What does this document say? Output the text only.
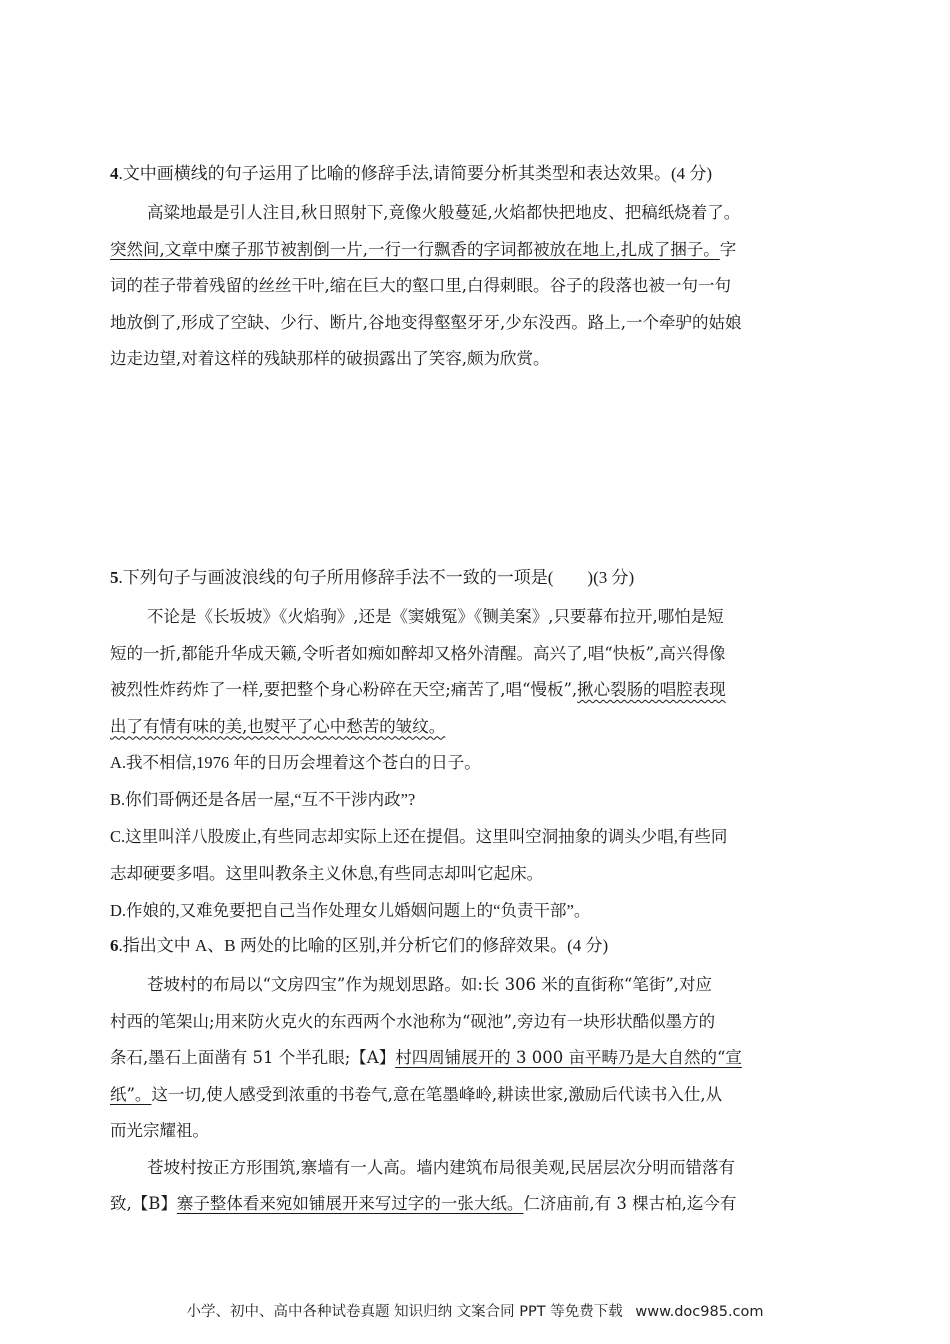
4.文中画横线的句子运用了比喻的修辞手法,请简要分析其类型和表达效果。(4 分)
高粱地最是引人注目,秋日照射下,竟像火般蔓延,火焰都快把地皮、把稿纸烧着了。
突然间,文章中糜子那节被割倒一片,一行一行飘香的字词都被放在地上,扎成了捆子。字
词的茬子带着残留的丝丝干叶,缩在巨大的壑口里,白得刺眼。谷子的段落也被一句一句
地放倒了,形成了空缺、少行、断片,谷地变得壑壑牙牙,少东没西。路上,一个牵驴的姑娘
边走边望,对着这样的残缺那样的破损露出了笑容,颇为欣赏。
5.下列句子与画波浪线的句子所用修辞手法不一致的一项是(　　)(3 分)
不论是《长坂坡》《火焰驹》,还是《窦娥冤》《铡美案》,只要幕布拉开,哪怕是短
短的一折,都能升华成天籁,令听者如痴如醉却又格外清醒。高兴了,唱“快板”,高兴得像
被烈性炸药炸了一样,要把整个身心粉碎在天空;痛苦了,唱“慢板”,揪心裂肠的唱腔表现
出了有情有味的美,也熨平了心中愁苦的皱纹。
A.我不相信,1976 年的日历会埋着这个苍白的日子。
B.你们哥俩还是各居一屋,“互不干涉内政”?
C.这里叫洋八股废止,有些同志却实际上还在提倡。这里叫空洞抽象的调头少唱,有些同
志却硬要多唱。这里叫教条主义休息,有些同志却叫它起床。
D.作娘的,又难免要把自己当作处理女儿婚姻问题上的“负责干部”。
6.指出文中 A、B 两处的比喻的区别,并分析它们的修辞效果。(4 分)
苍坡村的布局以“文房四宝”作为规划思路。如:长 306 米的直街称“笔街”,对应
村西的笔架山;用来防火克火的东西两个水池称为“砚池”,旁边有一块形状酷似墨方的
条石,墨石上面凿有 51 个半孔眼;【A】村四周铺展开的 3 000 亩平畴乃是大自然的“宣
纸”。这一切,使人感受到浓重的书卷气,意在笔墨峰岭,耕读世家,激励后代读书入仕,从
而光宗耀祖。
苍坡村按正方形围筑,寨墙有一人高。墙内建筑布局很美观,民居层次分明而错落有
致,【B】寨子整体看来宛如铺展开来写过字的一张大纸。仁济庙前,有 3 棵古柏,迄今有
小学、初中、高中各种试卷真题 知识归纳 文案合同 PPT 等免费下载 www.doc985.com
